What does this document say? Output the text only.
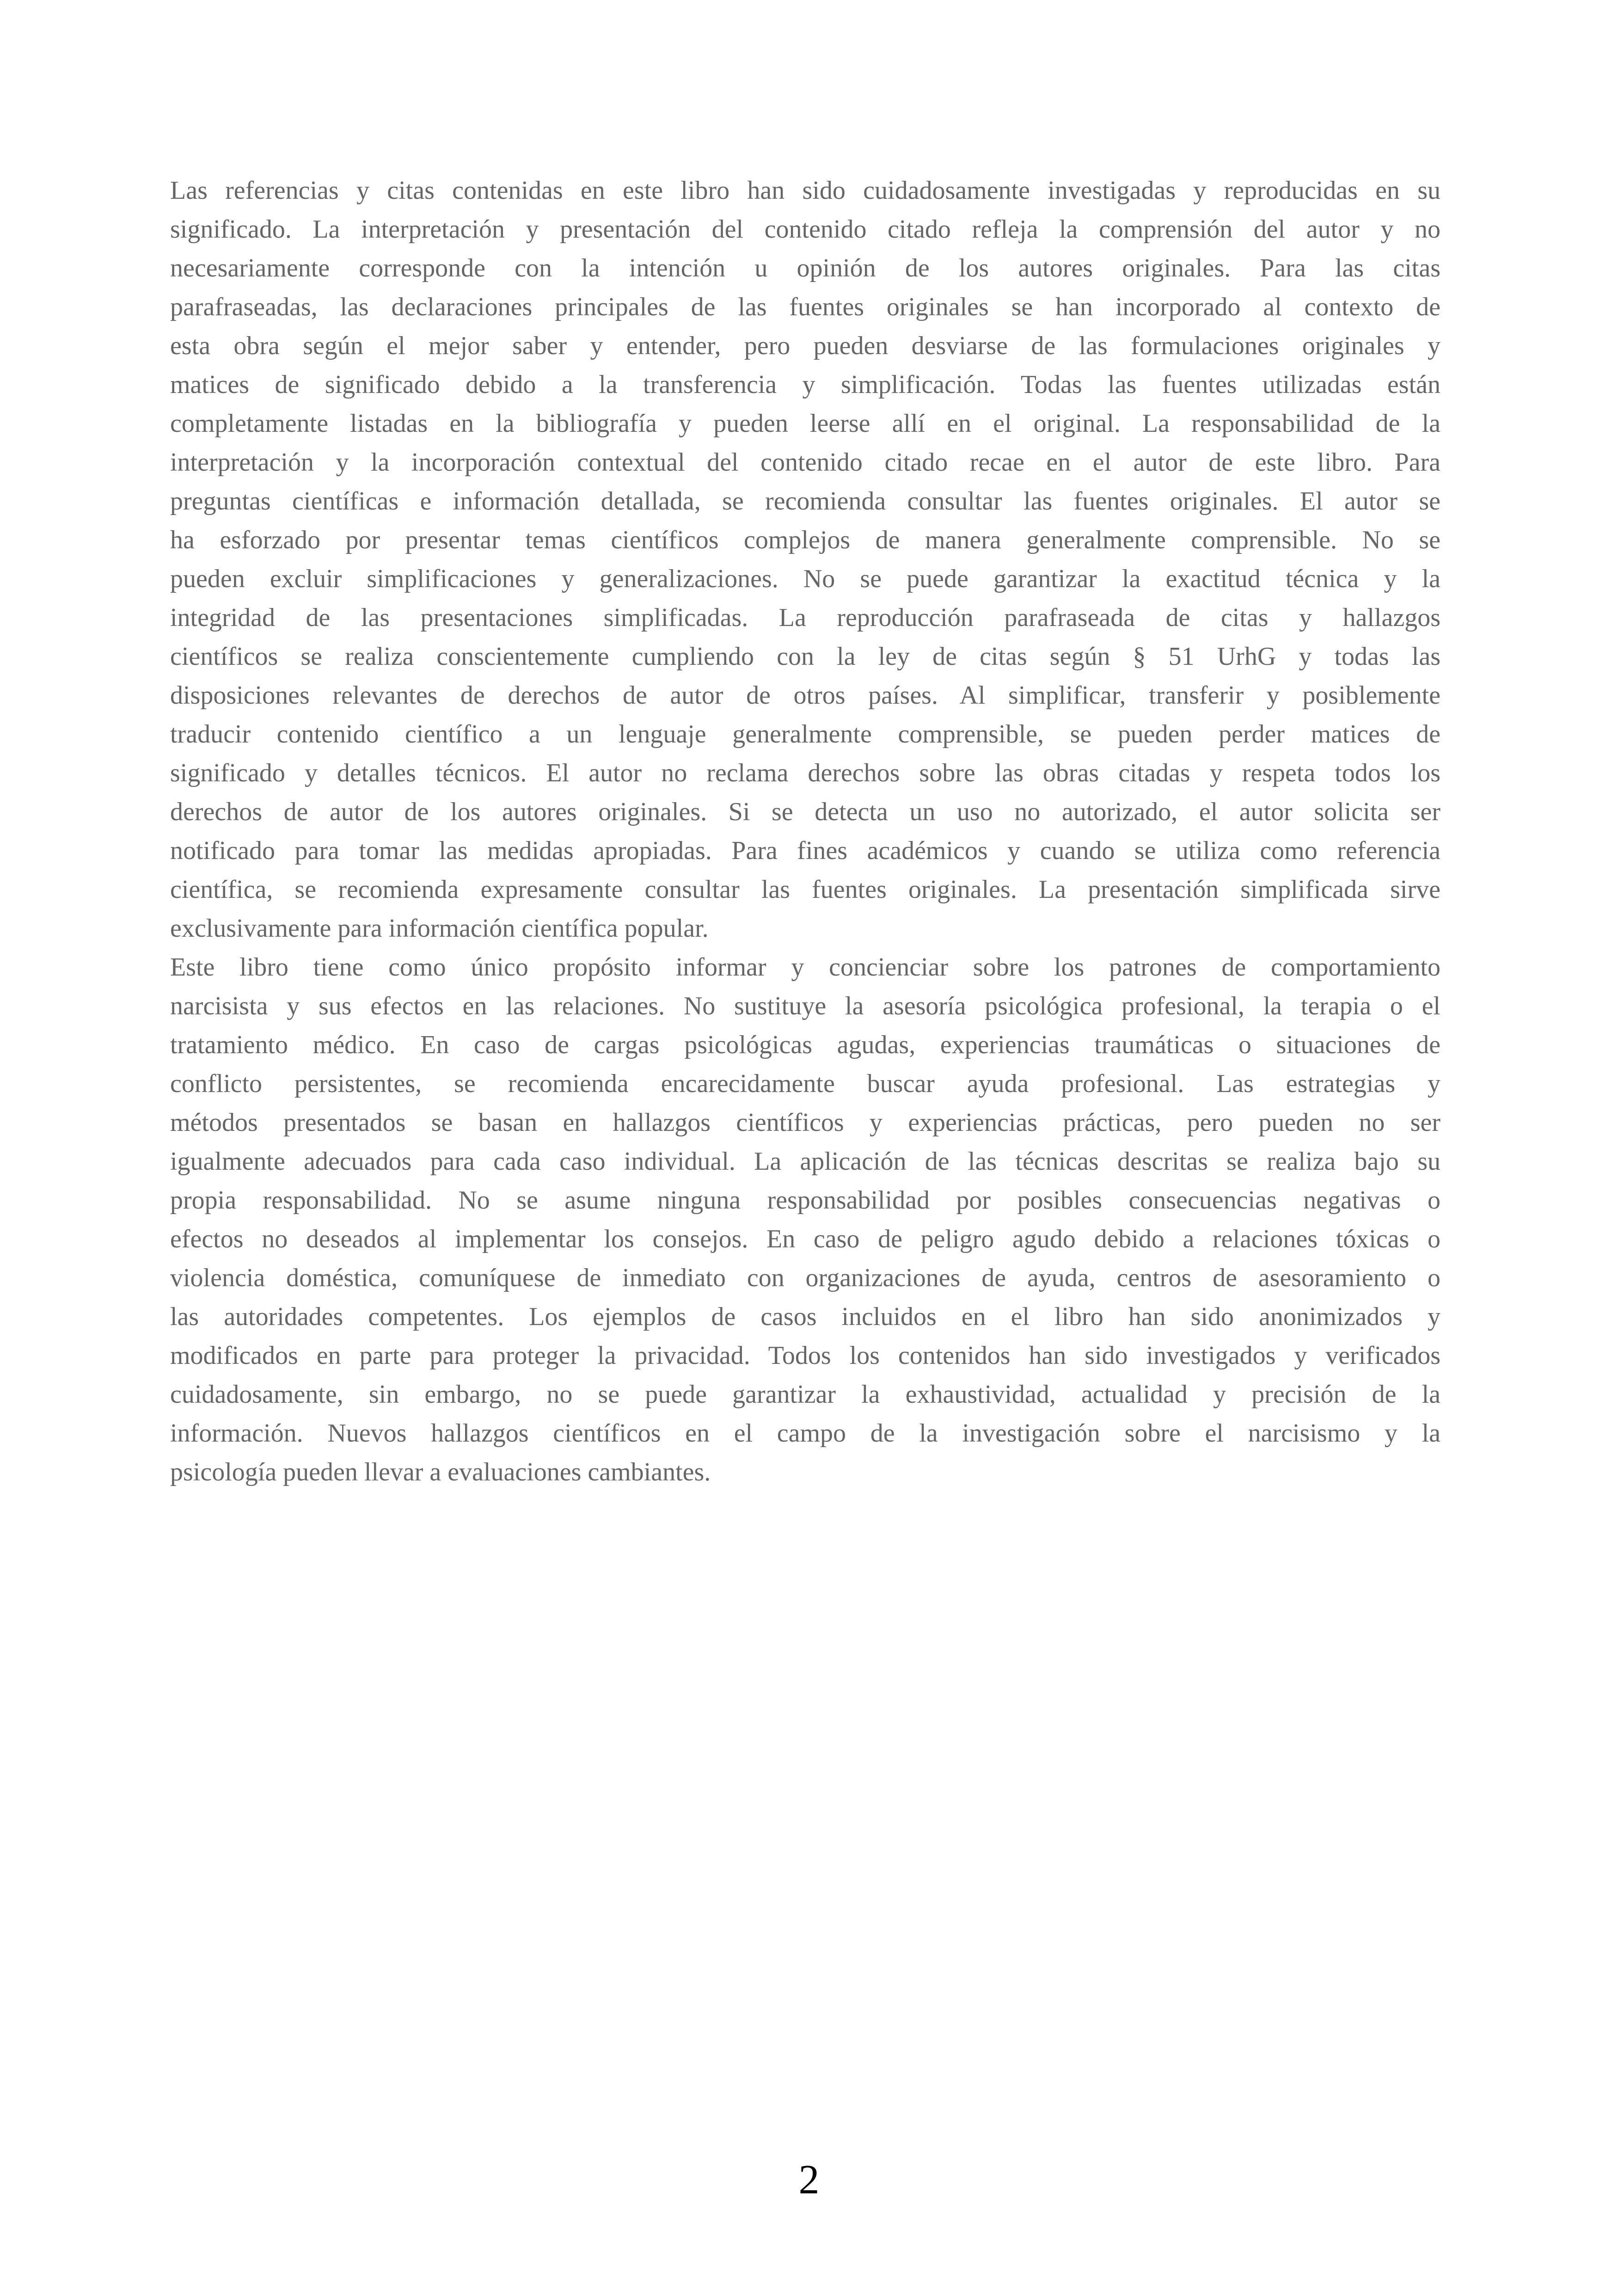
Las referencias y citas contenidas en este libro han sido cuidadosamente investigadas y reproducidas en su
significado. La interpretación y presentación del contenido citado refleja la comprensión del autor y no
necesariamente corresponde con la intención u opinión de los autores originales. Para las citas
parafraseadas, las declaraciones principales de las fuentes originales se han incorporado al contexto de
esta obra según el mejor saber y entender, pero pueden desviarse de las formulaciones originales y
matices de significado debido a la transferencia y simplificación. Todas las fuentes utilizadas están
completamente listadas en la bibliografía y pueden leerse allí en el original. La responsabilidad de la
interpretación y la incorporación contextual del contenido citado recae en el autor de este libro. Para
preguntas científicas e información detallada, se recomienda consultar las fuentes originales. El autor se
ha esforzado por presentar temas científicos complejos de manera generalmente comprensible. No se
pueden excluir simplificaciones y generalizaciones. No se puede garantizar la exactitud técnica y la
integridad de las presentaciones simplificadas. La reproducción parafraseada de citas y hallazgos
científicos se realiza conscientemente cumpliendo con la ley de citas según § 51 UrhG y todas las
disposiciones relevantes de derechos de autor de otros países. Al simplificar, transferir y posiblemente
traducir contenido científico a un lenguaje generalmente comprensible, se pueden perder matices de
significado y detalles técnicos. El autor no reclama derechos sobre las obras citadas y respeta todos los
derechos de autor de los autores originales. Si se detecta un uso no autorizado, el autor solicita ser
notificado para tomar las medidas apropiadas. Para fines académicos y cuando se utiliza como referencia
científica, se recomienda expresamente consultar las fuentes originales. La presentación simplificada sirve
exclusivamente para información científica popular.
Este libro tiene como único propósito informar y concienciar sobre los patrones de comportamiento
narcisista y sus efectos en las relaciones. No sustituye la asesoría psicológica profesional, la terapia o el
tratamiento médico. En caso de cargas psicológicas agudas, experiencias traumáticas o situaciones de
conflicto persistentes, se recomienda encarecidamente buscar ayuda profesional. Las estrategias y
métodos presentados se basan en hallazgos científicos y experiencias prácticas, pero pueden no ser
igualmente adecuados para cada caso individual. La aplicación de las técnicas descritas se realiza bajo su
propia responsabilidad. No se asume ninguna responsabilidad por posibles consecuencias negativas o
efectos no deseados al implementar los consejos. En caso de peligro agudo debido a relaciones tóxicas o
violencia doméstica, comuníquese de inmediato con organizaciones de ayuda, centros de asesoramiento o
las autoridades competentes. Los ejemplos de casos incluidos en el libro han sido anonimizados y
modificados en parte para proteger la privacidad. Todos los contenidos han sido investigados y verificados
cuidadosamente, sin embargo, no se puede garantizar la exhaustividad, actualidad y precisión de la
información. Nuevos hallazgos científicos en el campo de la investigación sobre el narcisismo y la
psicología pueden llevar a evaluaciones cambiantes.
2
